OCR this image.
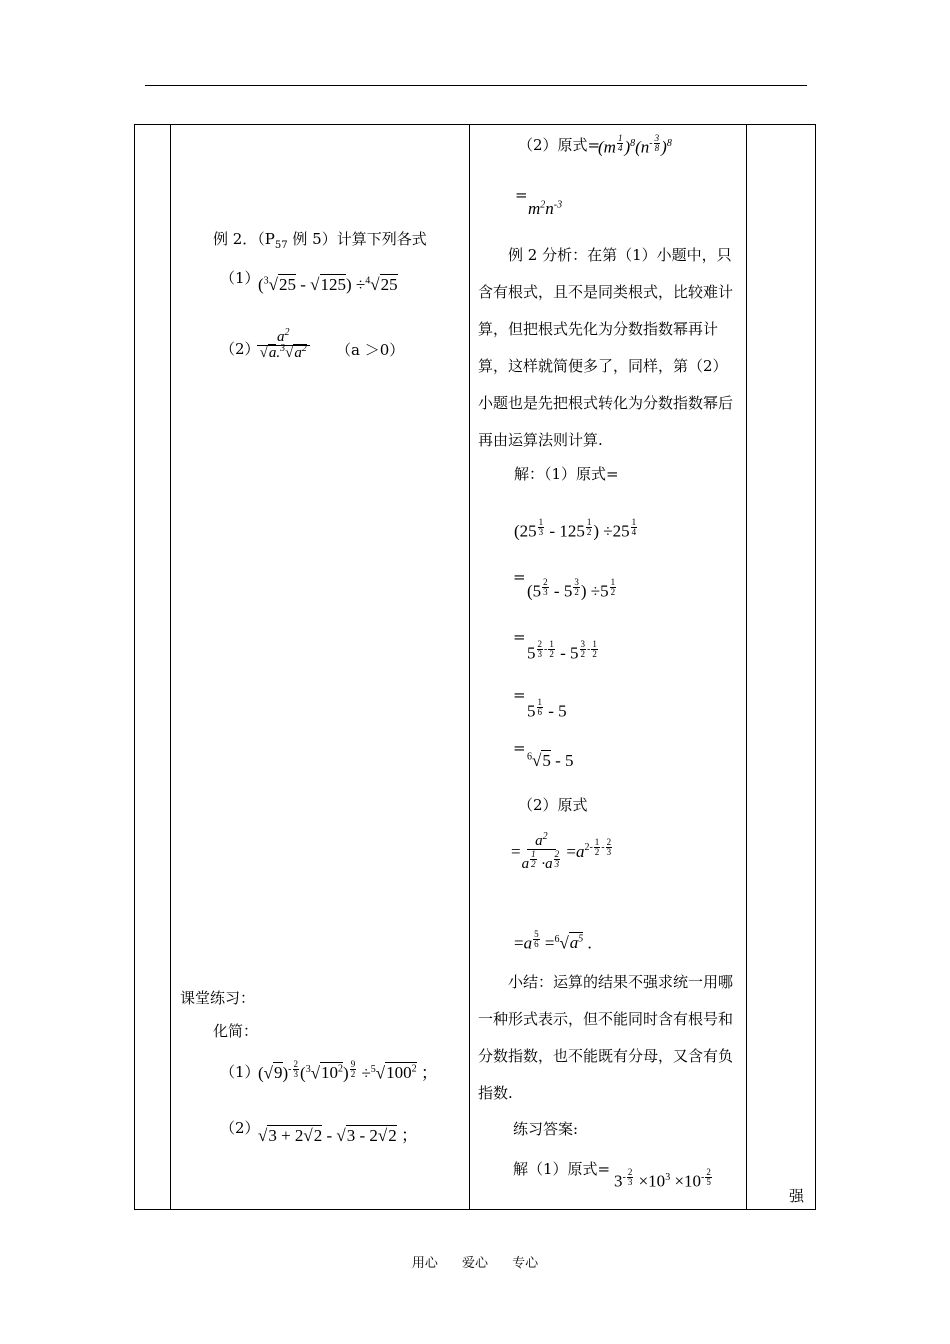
例 2．（$P_{57}$ 例 5）计算下列各式
（1）
($^3$√25 - √125) ÷$^4$√25
（2）
$\frac{a^2}{√a.^3√a^2} (a >0)$
课堂练习：
化简：
（1）
$(√9)^{- \frac{2}{3}}$ $(^3√10^2)$ $^{\frac{9}{2}} \div^5√100^2$ ；
（2）
√3 + 2√2 - √3 - 2√2 ；
（2）原式=
(m $^{\frac{1}{4}}$ )$^8(n^{- \frac{3}{8}}$ )$^8$
=
$m^2n^{-3}$
例 2 分析：在第（1）小题中，只含有根式，且不是同类根式，比较难计算，但把根式先化为分数指数幂再计算，这样就简便多了，同样，第（2）小题也是先把根式转化为分数指数幂后再由运算法则计算.
解：（1）原式=
(25 $^{\frac{1}{3}}$ - 125 $^{\frac{1}{2}}$ ) ÷25 $^{\frac{1}{4}}$
=
(5 $^{\frac{2}{3}}$ - 5 $^{\frac{3}{2}}$ ) ÷5 $^{\frac{1}{2}}$
=
5 $^{\frac{2}{3} - \frac{1}{2}}$ - 5 $^{\frac{3}{2} - \frac{1}{2}}$
=
5 $^{\frac{1}{6}}$ - 5
= $^6$√5 - 5
（2）原式
= $a^2$
a $^{\frac{1}{2}}$ ·a $^{\frac{2}{3}} =a^{2- \frac{1}{2} - \frac{2}{3}}$
=a $^{\frac{5}{6}} =^6√a^5$ .
小结：运算的结果不强求统一用哪一种形式表示，但不能同时含有根号和分数指数，也不能既有分母，又含有负指数.
练习答案:
解（1）原式=
$3^{- \frac{2}{3}} \times 10^3 \times 10^{- \frac{2}{5}}$
强
用心 爱心 专心
